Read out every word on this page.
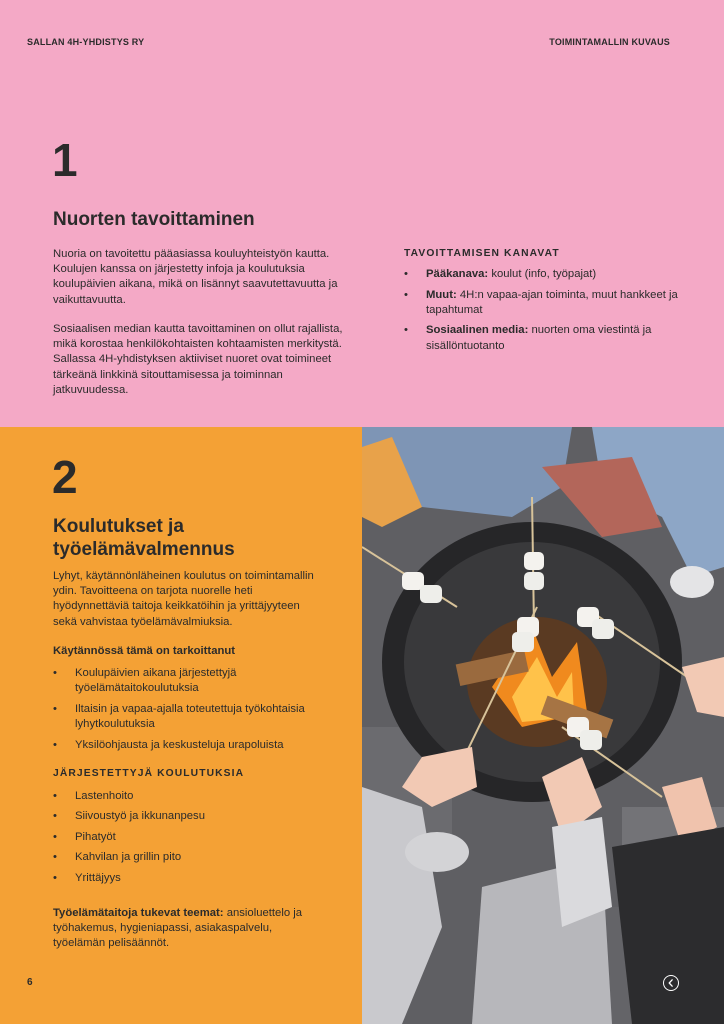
SALLAN 4H-YHDISTYS RY	TOIMINTAMALLIN KUVAUS
1
Nuorten tavoittaminen

Nuoria on tavoitettu pääasiassa kouluyhteistyön kautta. Koulujen kanssa on järjestetty infoja ja koulutuksia koulupäivien aikana, mikä on lisännyt saavutettavuutta ja vaikuttavuutta.

Sosiaalisen median kautta tavoittaminen on ollut rajallista, mikä korostaa henkilökohtaisten kohtaamisten merkitystä. Sallassa 4H-yhdistyksen aktiiviset nuoret ovat toimineet tärkeänä linkkinä sitouttamisessa ja toiminnan jatkuvuudessa.

TAVOITTAMISEN KANAVAT
• Pääkanava: koulut (info, työpajat)
• Muut: 4H:n vapaa-ajan toiminta, muut hankkeet ja tapahtumat
• Sosiaalinen media: nuorten oma viestintä ja sisällöntuotanto
2
Koulutukset ja työelämävalmennus

Lyhyt, käytännönläheinen koulutus on toimintamallin ydin. Tavoitteena on tarjota nuorelle heti hyödynnettäviä taitoja keikkatöihin ja yrittäjyyteen sekä vahvistaa työelämävalmiuksia.

Käytännössä tämä on tarkoittanut
• Koulupäivien aikana järjestettyjä työelämätaitokoulutuksia
• Iltaisin ja vapaa-ajalla toteutettuja työkohtaisia lyhytkoulutuksia
• Yksilöohjausta ja keskusteluja urapoluista
JÄRJESTETTYJÄ KOULUTUKSIA
• Lastenhoito
• Siivoustyö ja ikkunanpesu
• Pihatyöt
• Kahvilan ja grillin pito
• Yrittäjyys

Työelämätaitoja tukevat teemat: ansioluettelo ja työhakemus, hygieniapassi, asiakaspalvelu, työelämän pelisäännöt.

6
